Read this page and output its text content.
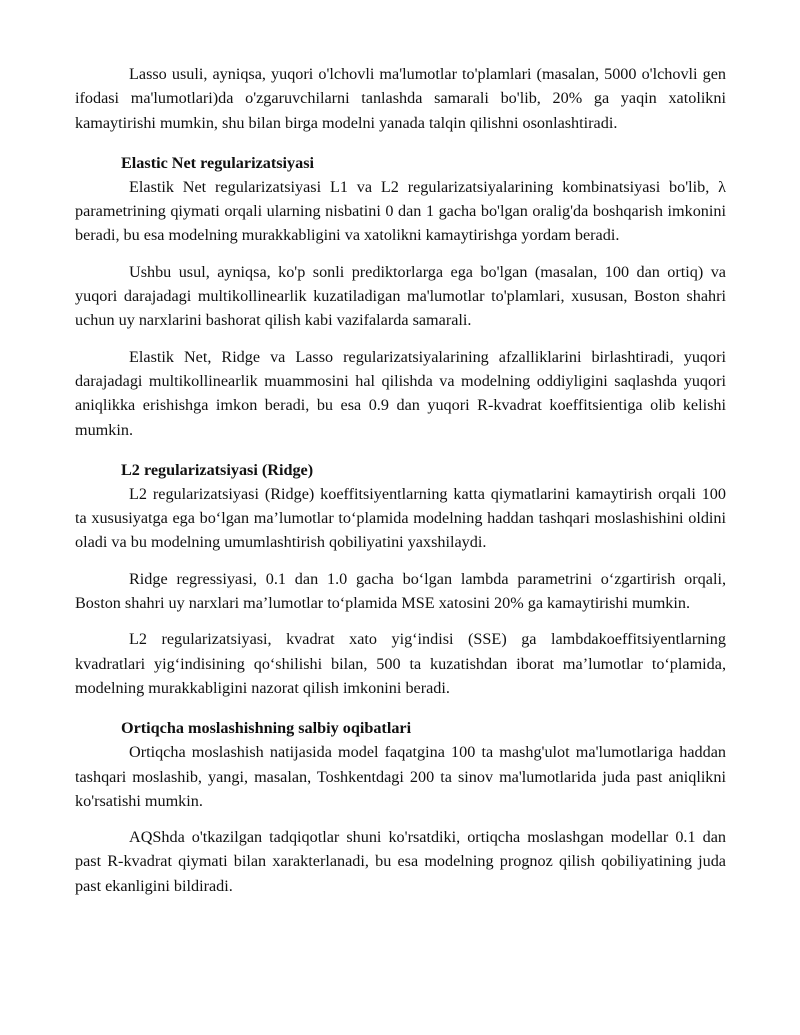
Lasso usuli, ayniqsa, yuqori o'lchovli ma'lumotlar to'plamlari (masalan, 5000 o'lchovli gen ifodasi ma'lumotlari)da o'zgaruvchilarni tanlashda samarali bo'lib, 20% ga yaqin xatolikni kamaytirishi mumkin, shu bilan birga modelni yanada talqin qilishni osonlashtiradi.

Elastic Net regularizatsiyasi

Elastik Net regularizatsiyasi L1 va L2 regularizatsiyalarining kombinatsiyasi bo'lib, λ parametrining qiymati orqali ularning nisbatini 0 dan 1 gacha bo'lgan oralig'da boshqarish imkonini beradi, bu esa modelning murakkabligini va xatolikni kamaytirishga yordam beradi.

Ushbu usul, ayniqsa, ko'p sonli prediktorlarga ega bo'lgan (masalan, 100 dan ortiq) va yuqori darajadagi multikollinearlik kuzatiladigan ma'lumotlar to'plamlari, xususan, Boston shahri uchun uy narxlarini bashorat qilish kabi vazifalarda samarali.

Elastik Net, Ridge va Lasso regularizatsiyalarining afzalliklarini birlashtiradi, yuqori darajadagi multikollinearlik muammosini hal qilishda va modelning oddiyligini saqlashda yuqori aniqlikka erishishga imkon beradi, bu esa 0.9 dan yuqori R-kvadrat koeffitsientiga olib kelishi mumkin.

L2 regularizatsiyasi (Ridge)

L2 regularizatsiyasi (Ridge) koeffitsiyentlarning katta qiymatlarini kamaytirish orqali 100 ta xususiyatga ega bo‘lgan ma’lumotlar to‘plamida modelning haddan tashqari moslashishini oldini oladi va bu modelning umumlashtirish qobiliyatini yaxshilaydi.

Ridge regressiyasi, 0.1 dan 1.0 gacha bo‘lgan lambda parametrini o‘zgartirish orqali, Boston shahri uy narxlari ma’lumotlar to‘plamida MSE xatosini 20% ga kamaytirishi mumkin.

L2 regularizatsiyasi, kvadrat xato yig‘indisi (SSE) ga lambdakoeffitsiyentlarning kvadratlari yig‘indisining qo‘shilishi bilan, 500 ta kuzatishdan iborat ma’lumotlar to‘plamida, modelning murakkabligini nazorat qilish imkonini beradi.

Ortiqcha moslashishning salbiy oqibatlari

Ortiqcha moslashish natijasida model faqatgina 100 ta mashg'ulot ma'lumotlariga haddan tashqari moslashib, yangi, masalan, Toshkentdagi 200 ta sinov ma'lumotlarida juda past aniqlikni ko'rsatishi mumkin.

AQShda o'tkazilgan tadqiqotlar shuni ko'rsatdiki, ortiqcha moslashgan modellar 0.1 dan past R-kvadrat qiymati bilan xarakterlanadi, bu esa modelning prognoz qilish qobiliyatining juda past ekanligini bildiradi.
